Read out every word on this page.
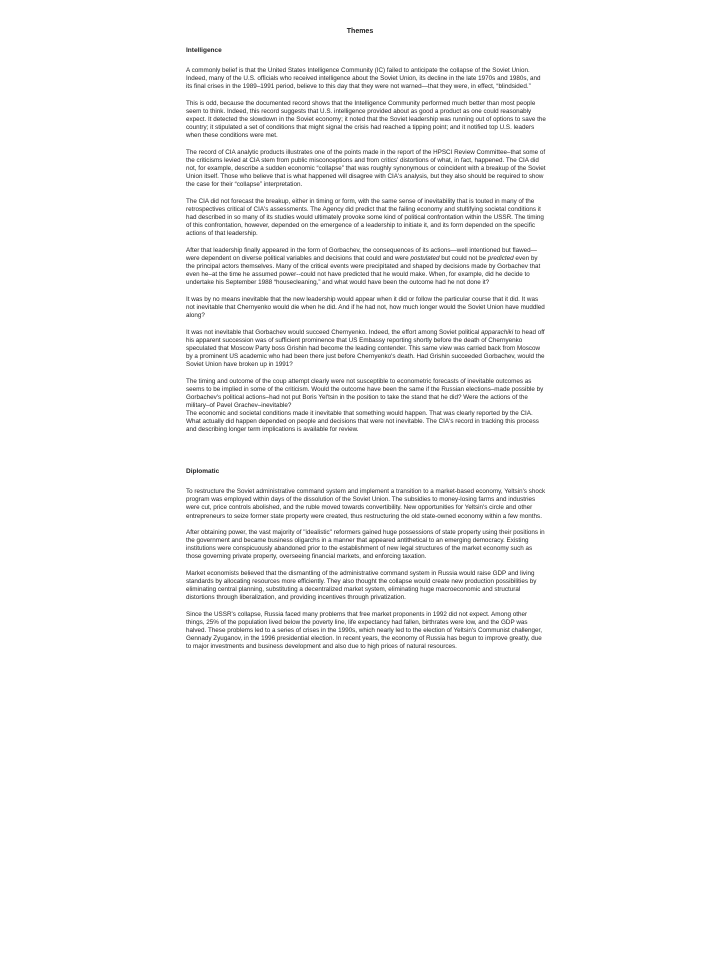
Themes
Intelligence

A commonly belief is that the United States Intelligence Community (IC) failed to anticipate the collapse of the Soviet Union. Indeed, many of the U.S. officials who received intelligence about the Soviet Union, its decline in the late 1970s and 1980s, and its final crises in the 1989–1991 period, believe to this day that they were not warned—that they were, in effect, “blindsided.”

This is odd, because the documented record shows that the Intelligence Community performed much better than most people seem to think. Indeed, this record suggests that U.S. intelligence provided about as good a product as one could reasonably expect. It detected the slowdown in the Soviet economy; it noted that the Soviet leadership was running out of options to save the country; it stipulated a set of conditions that might signal the crisis had reached a tipping point; and it notified top U.S. leaders when these conditions were met.

The record of CIA analytic products illustrates one of the points made in the report of the HPSCI Review Committee–that some of the criticisms levied at CIA stem from public misconceptions and from critics' distortions of what, in fact, happened. The CIA did not, for example, describe a sudden economic “collapse” that was roughly synonymous or coincident with a breakup of the Soviet Union itself. Those who believe that is what happened will disagree with CIA's analysis, but they also should be required to show the case for their “collapse” interpretation.

The CIA did not forecast the breakup, either in timing or form, with the same sense of inevitability that is touted in many of the retrospectives critical of CIA's assessments. The Agency did predict that the failing economy and stultifying societal conditions it had described in so many of its studies would ultimately provoke some kind of political confrontation within the USSR. The timing of this confrontation, however, depended on the emergence of a leadership to initiate it, and its form depended on the specific actions of that leadership.

After that leadership finally appeared in the form of Gorbachev, the consequences of its actions—well intentioned but flawed—were dependent on diverse political variables and decisions that could and were postulated but could not be predicted even by the principal actors themselves. Many of the critical events were precipitated and shaped by decisions made by Gorbachev that even he–at the time he assumed power--could not have predicted that he would make. When, for example, did he decide to undertake his September 1988 “housecleaning,” and what would have been the outcome had he not done it?

It was by no means inevitable that the new leadership would appear when it did or follow the particular course that it did. It was not inevitable that Chernyenko would die when he did. And if he had not, how much longer would the Soviet Union have muddled along?

It was not inevitable that Gorbachev would succeed Chernyenko. Indeed, the effort among Soviet political apparachiki to head off his apparent succession was of sufficient prominence that US Embassy reporting shortly before the death of Chernyenko speculated that Moscow Party boss Grishin had become the leading contender. This same view was carried back from Moscow by a prominent US academic who had been there just before Chernyenko's death. Had Grishin succeeded Gorbachev, would the Soviet Union have broken up in 1991?

The timing and outcome of the coup attempt clearly were not susceptible to econometric forecasts of inevitable outcomes as seems to be implied in some of the criticism. Would the outcome have been the same if the Russian elections–made possible by Gorbachev's political actions–had not put Boris Yel'tsin in the position to take the stand that he did? Were the actions of the military–of Pavel Grachev–inevitable?

The economic and societal conditions made it inevitable that something would happen. That was clearly reported by the CIA. What actually did happen depended on people and decisions that were not inevitable. The CIA's record in tracking this process and describing longer term implications is available for review.

Diplomatic

To restructure the Soviet administrative command system and implement a transition to a market-based economy, Yeltsin's shock program was employed within days of the dissolution of the Soviet Union. The subsidies to money-losing farms and industries were cut, price controls abolished, and the ruble moved towards convertibility. New opportunities for Yeltsin's circle and other entrepreneurs to seize former state property were created, thus restructuring the old state-owned economy within a few months.

After obtaining power, the vast majority of "idealistic" reformers gained huge possessions of state property using their positions in the government and became business oligarchs in a manner that appeared antithetical to an emerging democracy. Existing institutions were conspicuously abandoned prior to the establishment of new legal structures of the market economy such as those governing private property, overseeing financial markets, and enforcing taxation.

Market economists believed that the dismantling of the administrative command system in Russia would raise GDP and living standards by allocating resources more efficiently. They also thought the collapse would create new production possibilities by eliminating central planning, substituting a decentralized market system, eliminating huge macroeconomic and structural distortions through liberalization, and providing incentives through privatization.

Since the USSR's collapse, Russia faced many problems that free market proponents in 1992 did not expect. Among other things, 25% of the population lived below the poverty line, life expectancy had fallen, birthrates were low, and the GDP was halved. These problems led to a series of crises in the 1990s, which nearly led to the election of Yeltsin's Communist challenger, Gennady Zyuganov, in the 1996 presidential election. In recent years, the economy of Russia has begun to improve greatly, due to major investments and business development and also due to high prices of natural resources.
